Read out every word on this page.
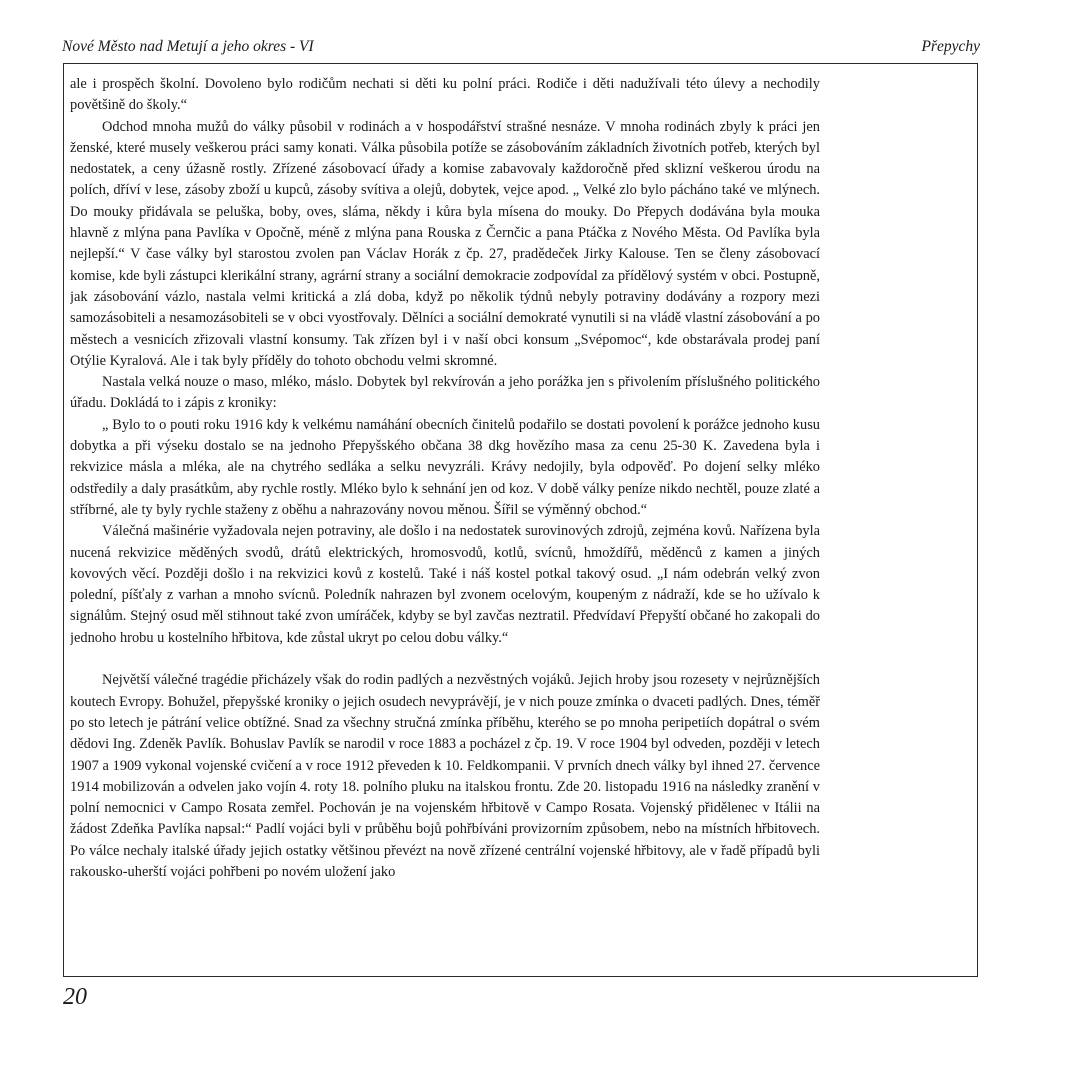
Nové Město nad Metují a jeho okres - VI	Přepychy

ale i prospěch školní. Dovoleno bylo rodičům nechati si děti ku polní práci. Rodiče i děti nadužívali této úlevy a nechodily povětšině do školy.“

Odchod mnoha mužů do války působil v rodinách a v hospodářství strašné nesnáze. V mnoha rodinách zbyly k práci jen ženské, které musely veškerou práci samy konati. Válka působila potíže se zásobováním základních životních potřeb, kterých byl nedostatek, a ceny úžasně rostly. Zřízené zásobovací úřady a komise zabavovaly každoročně před sklizní veškerou úrodu na polích, dříví v lese, zásoby zboží u kupců, zásoby svítiva a olejů, dobytek, vejce apod. „ Velké zlo bylo pácháno také ve mlýnech. Do mouky přidávala se peluška, boby, oves, sláma, někdy i kůra byla mísena do mouky. Do Přepych dodávána byla mouka hlavně z mlýna pana Pavlíka v Opočně, méně z mlýna pana Rouska z Černčic a pana Ptáčka z Nového Města. Od Pavlíka byla nejlepší.“ V čase války byl starostou zvolen pan Václav Horák z čp. 27, pradědeček Jirky Kalouse. Ten se členy zásobovací komise, kde byli zástupci klerikální strany, agrární strany a sociální demokracie zodpovídal za přídělový systém v obci. Postupně, jak zásobování vázlo, nastala velmi kritická a zlá doba, když po několik týdnů nebyly potraviny dodávány a rozpory mezi samozásobiteli a nesamozásobiteli se v obci vyostřovaly. Dělníci a sociální demokraté vynutili si na vládě vlastní zásobování a po městech a vesnicích zřizovali vlastní konsumy. Tak zřízen byl i v naší obci konsum „Svépomoc“, kde obstarávala prodej paní Otýlie Kyralová. Ale i tak byly příděly do tohoto obchodu velmi skromné.

Nastala velká nouze o maso, mléko, máslo. Dobytek byl rekvírován a jeho porážka jen s přivolením příslušného politického úřadu. Dokládá to i zápis z kroniky:

„ Bylo to o pouti roku 1916 kdy k velkému namáhání obecních činitelů podařilo se dostati povolení k porážce jednoho kusu dobytka a při výseku dostalo se na jednoho Přepyšského občana 38 dkg hovězího masa za cenu 25-30 K. Zavedena byla i rekvizice másla a mléka, ale na chytrého sedláka a selku nevyzráli. Krávy nedojily, byla odpověď. Po dojení selky mléko odstředily a daly prasátkům, aby rychle rostly. Mléko bylo k sehnání jen od koz. V době války peníze nikdo nechtěl, pouze zlaté a stříbrné, ale ty byly rychle staženy z oběhu a nahrazovány novou měnou. Šířil se výměnný obchod.“

Válečná mašinérie vyžadovala nejen potraviny, ale došlo i na nedostatek surovinových zdrojů, zejména kovů. Nařízena byla nucená rekvizice měděných svodů, drátů elektrických, hromosvodů, kotlů, svícnů, hmoždířů, měděnců z kamen a jiných kovových věcí. Později došlo i na rekvizici kovů z kostelů. Také i náš kostel potkal takový osud. „I nám odebrán velký zvon polední, píšťaly z varhan a mnoho svícnů. Poledník nahrazen byl zvonem ocelovým, koupeným z nádraží, kde se ho užívalo k signálům. Stejný osud měl stihnout také zvon umíráček, kdyby se byl zavčas neztratil. Předvídaví Přepyští občané ho zakopali do jednoho hrobu u kostelního hřbitova, kde zůstal ukryt po celou dobu války.“

Největší válečné tragédie přicházely však do rodin padlých a nezvěstných vojáků. Jejich hroby jsou rozesety v nejrůznějších koutech Evropy. Bohužel, přepyšské kroniky o jejich osudech nevyprávějí, je v nich pouze zmínka o dvaceti padlých. Dnes, téměř po sto letech je pátrání velice obtížné. Snad za všechny stručná zmínka příběhu, kterého se po mnoha peripetiích dopátral o svém dědovi Ing. Zdeněk Pavlík. Bohuslav Pavlík se narodil v roce 1883 a pocházel z čp. 19. V roce 1904 byl odveden, později v letech 1907 a 1909 vykonal vojenské cvičení a v roce 1912 převeden k 10. Feldkompanii. V prvních dnech války byl ihned 27. července 1914 mobilizován a odvelen jako vojín 4. roty 18. polního pluku na italskou frontu. Zde 20. listopadu 1916 na následky zranění v polní nemocnici v Campo Rosata zemřel. Pochován je na vojenském hřbitově v Campo Rosata. Vojenský přidělenec v Itálii na žádost Zdeňka Pavlíka napsal:“ Padlí vojáci byli v průběhu bojů pohřbíváni provizorním způsobem, nebo na místních hřbitovech. Po válce nechaly italské úřady jejich ostatky většinou převézt na nově zřízené centrální vojenské hřbitovy, ale v řadě případů byli rakousko-uherští vojáci pohřbeni po novém uložení jako

20
